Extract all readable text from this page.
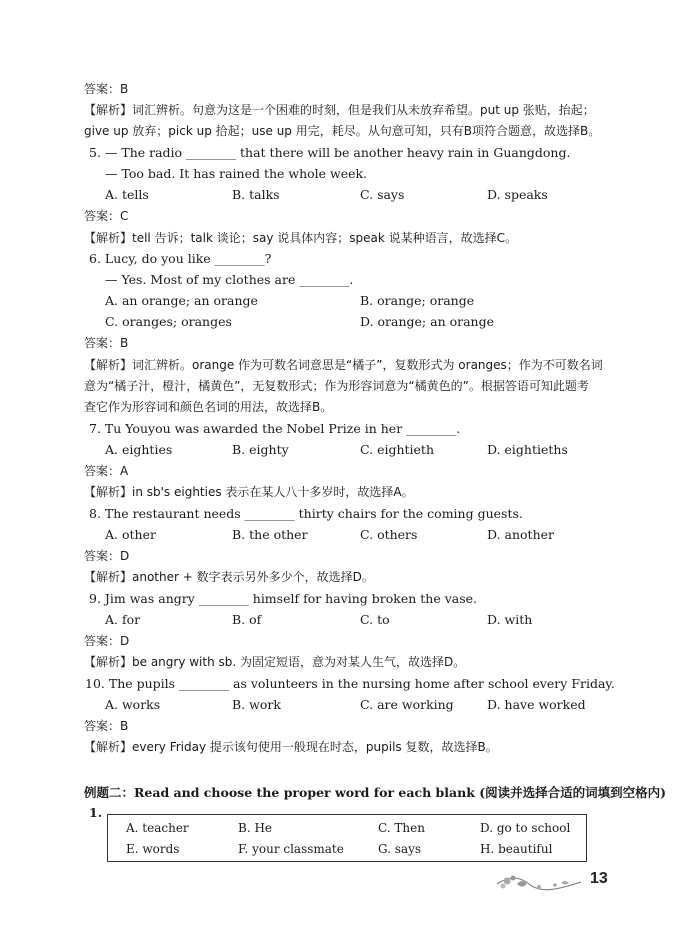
答案：B
【解析】词汇辨析。句意为这是一个困难的时刻，但是我们从未放弃希望。put up 张贴，抬起；
give up 放弃；pick up 拾起；use up 用完，耗尽。从句意可知，只有B项符合题意，故选择B。
5. — The radio ________ that there will be another heavy rain in Guangdong.
— Too bad. It has rained the whole week.
A. tells	B. talks	C. says	D. speaks
答案：C
【解析】tell 告诉；talk 谈论；say 说具体内容；speak 说某种语言，故选择C。
6. Lucy, do you like ________?
— Yes. Most of my clothes are ________.
A. an orange; an orange	B. orange; orange
C. oranges; oranges	D. orange; an orange
答案：B
【解析】词汇辨析。orange 作为可数名词意思是“橘子”，复数形式为 oranges；作为不可数名词
意为“橘子汁，橙汁，橘黄色”，无复数形式；作为形容词意为“橘黄色的”。根据答语可知此题考
查它作为形容词和颜色名词的用法，故选择B。
7. Tu Youyou was awarded the Nobel Prize in her ________.
A. eighties	B. eighty	C. eightieth	D. eightieths
答案：A
【解析】in sb's eighties 表示在某人八十多岁时，故选择A。
8. The restaurant needs ________ thirty chairs for the coming guests.
A. other	B. the other	C. others	D. another
答案：D
【解析】another + 数字表示另外多少个，故选择D。
9. Jim was angry ________ himself for having broken the vase.
A. for	B. of	C. to	D. with
答案：D
【解析】be angry with sb. 为固定短语，意为对某人生气，故选择D。
10. The pupils ________ as volunteers in the nursing home after school every Friday.
A. works	B. work	C. are working	D. have worked
答案：B
【解析】every Friday 提示该句使用一般现在时态，pupils 复数，故选择B。
例题二：Read and choose the proper word for each blank (阅读并选择合适的词填到空格内)
1.
A. teacher	B. He	C. Then	D. go to school
E. words	F. your classmate	G. says	H. beautiful
13
